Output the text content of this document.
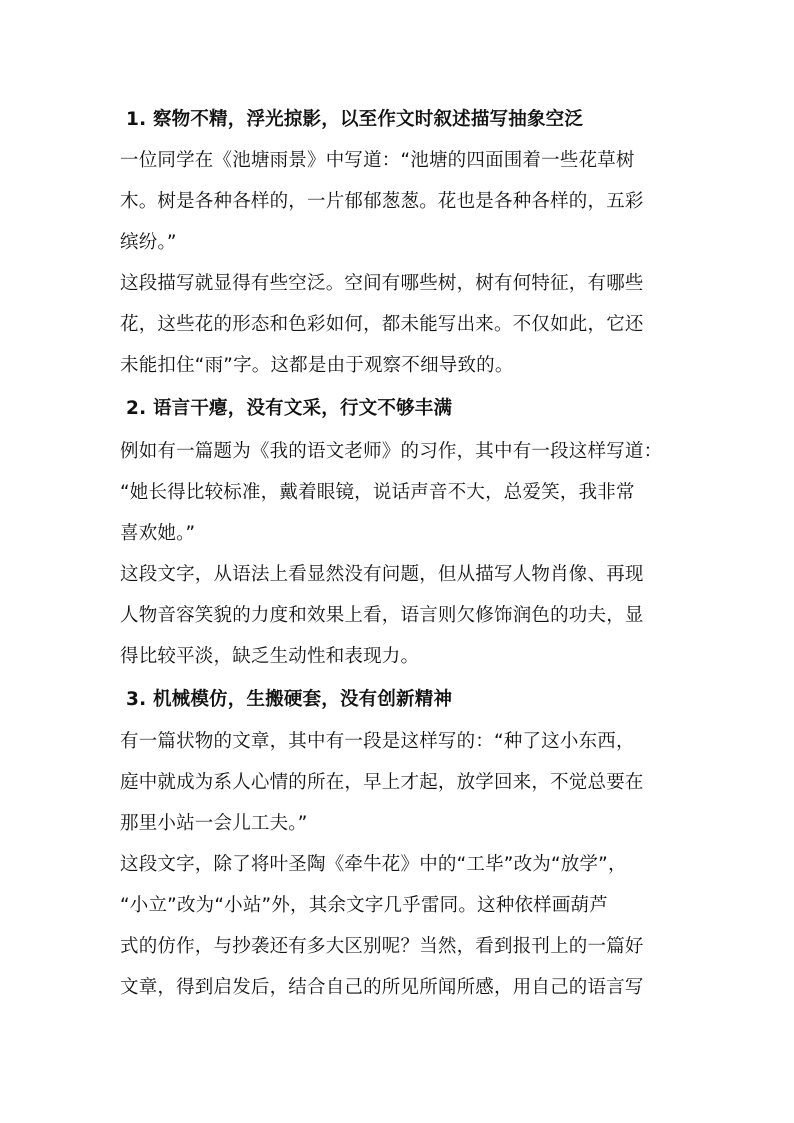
1. 察物不精，浮光掠影，以至作文时叙述描写抽象空泛
一位同学在《池塘雨景》中写道：“池塘的四面围着一些花草树
木。树是各种各样的，一片郁郁葱葱。花也是各种各样的，五彩
缤纷。”
这段描写就显得有些空泛。空间有哪些树，树有何特征，有哪些
花，这些花的形态和色彩如何，都未能写出来。不仅如此，它还
未能扣住“雨”字。这都是由于观察不细导致的。
2. 语言干瘪，没有文采，行文不够丰满
例如有一篇题为《我的语文老师》的习作，其中有一段这样写道：
“她长得比较标准，戴着眼镜，说话声音不大，总爱笑，我非常
喜欢她。”
这段文字，从语法上看显然没有问题，但从描写人物肖像、再现
人物音容笑貌的力度和效果上看，语言则欠修饰润色的功夫，显
得比较平淡，缺乏生动性和表现力。
3. 机械模仿，生搬硬套，没有创新精神
有一篇状物的文章，其中有一段是这样写的：“种了这小东西，
庭中就成为系人心情的所在，早上才起，放学回来，不觉总要在
那里小站一会儿工夫。”
这段文字，除了将叶圣陶《牵牛花》中的“工毕”改为“放学”，
“小立”改为“小站”外，其余文字几乎雷同。这种依样画葫芦
式的仿作，与抄袭还有多大区别呢？当然，看到报刊上的一篇好
文章，得到启发后，结合自己的所见所闻所感，用自己的语言写
